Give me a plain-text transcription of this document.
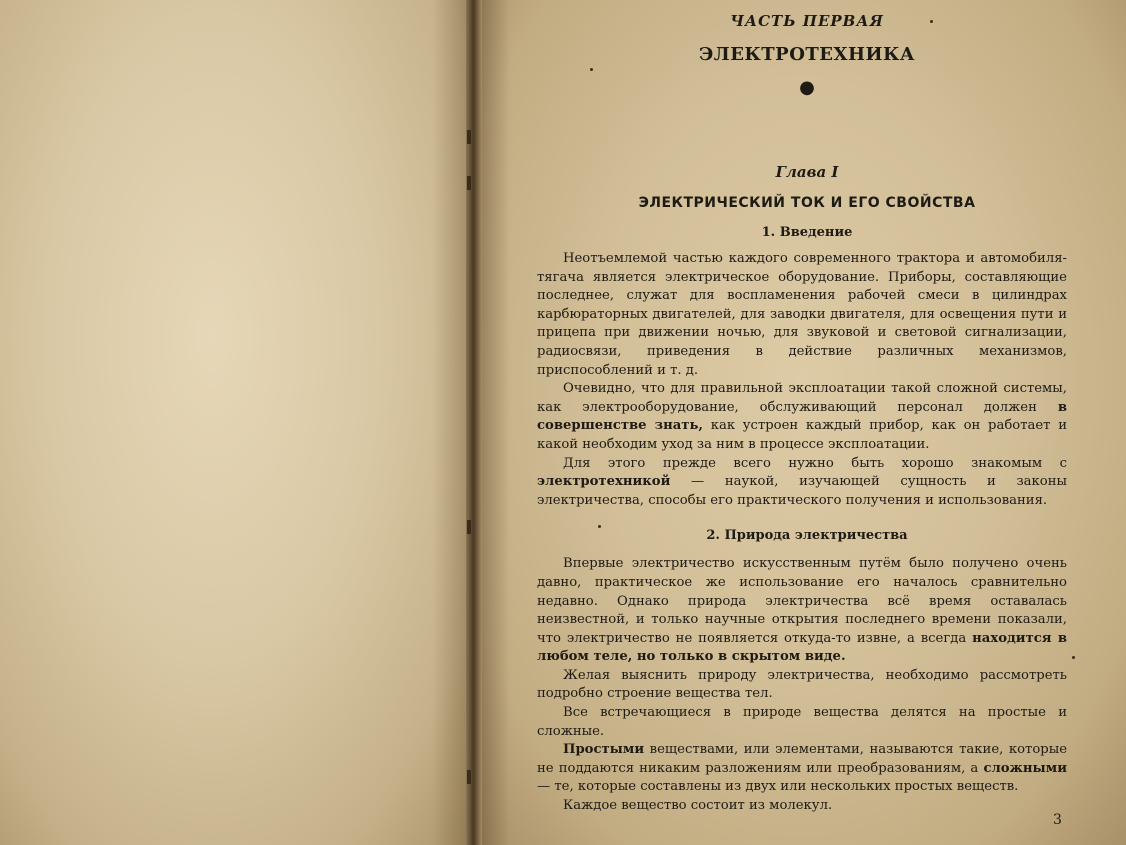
ЧАСТЬ ПЕРВАЯ
ЭЛЕКТРОТЕХНИКА
●
Глава I
ЭЛЕКТРИЧЕСКИЙ ТОК И ЕГО СВОЙСТВА
1. Введение

Неотъемлемой частью каждого современного трактора и автомобиля-тягача является электрическое оборудование. Приборы, составляющие последнее, служат для воспламенения рабочей смеси в цилиндрах карбюраторных двигателей, для заводки двигателя, для освещения пути и прицепа при движении ночью, для звуковой и световой сигнализации, радиосвязи, приведения в действие различных механизмов, приспособлений и т. д.

Очевидно, что для правильной эксплоатации такой сложной системы, как электрооборудование, обслуживающий персонал должен в совершенстве знать, как устроен каждый прибор, как он работает и какой необходим уход за ним в процессе эксплоатации.

Для этого прежде всего нужно быть хорошо знакомым с электротехникой — наукой, изучающей сущность и законы электричества, способы его практического получения и использования.

2. Природа электричества

Впервые электричество искусственным путём было получено очень давно, практическое же использование его началось сравнительно недавно. Однако природа электричества всё время оставалась неизвестной, и только научные открытия последнего времени показали, что электричество не появляется откуда-то извне, а всегда находится в любом теле, но только в скрытом виде.

Желая выяснить природу электричества, необходимо рассмотреть подробно строение вещества тел.

Все встречающиеся в природе вещества делятся на простые и сложные.

Простыми веществами, или элементами, называются такие, которые не поддаются никаким разложениям или преобразованиям, а сложными — те, которые составлены из двух или нескольких простых веществ.

Каждое вещество состоит из молекул.

3
